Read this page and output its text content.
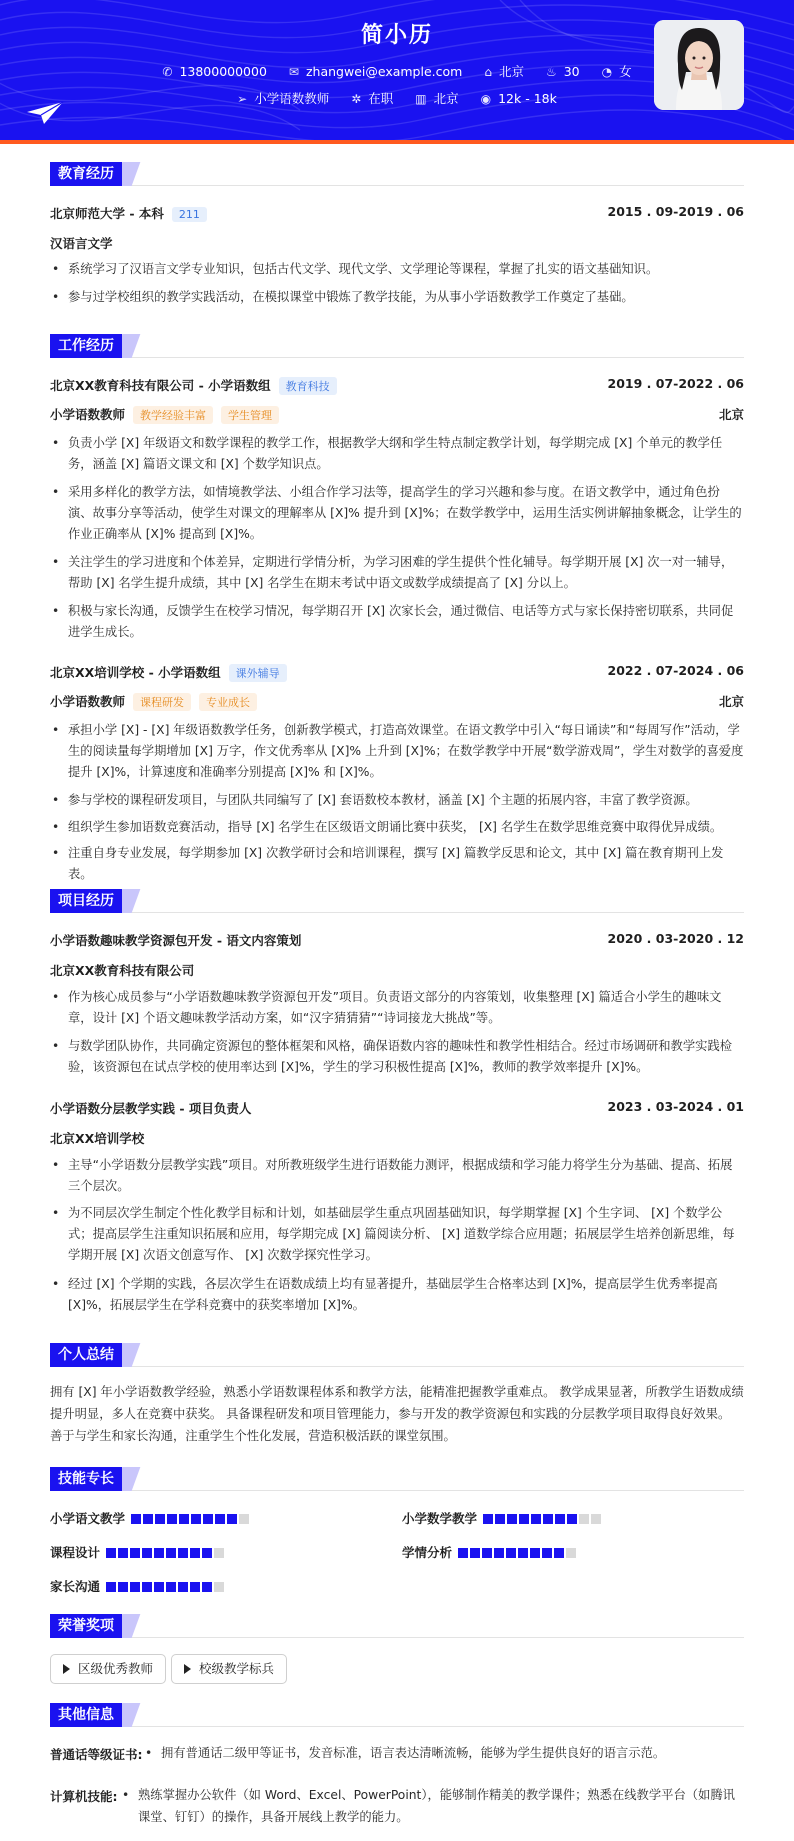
简小历
✆ 13800000000 ✉ zhangwei@example.com ⌂ 北京 ♨ 30 ◔ 女
➢ 小学语数教师 ✲ 在职 ▥ 北京 ◉ 12k - 18k
教育经历
北京师范大学 - 本科 211	2015 . 09-2019 . 06
汉语言文学
• 系统学习了汉语言文学专业知识，包括古代文学、现代文学、文学理论等课程，掌握了扎实的语文基础知识。
• 参与过学校组织的教学实践活动，在模拟课堂中锻炼了教学技能，为从事小学语数教学工作奠定了基础。
工作经历
北京XX教育科技有限公司 - 小学语数组 教育科技	2019 . 07-2022 . 06
小学语数教师 教学经验丰富 学生管理	北京
• 负责小学 [X] 年级语文和数学课程的教学工作，根据教学大纲和学生特点制定教学计划，每学期完成 [X] 个单元的教学任务，涵盖 [X] 篇语文课文和 [X] 个数学知识点。
• 采用多样化的教学方法，如情境教学法、小组合作学习法等，提高学生的学习兴趣和参与度。在语文教学中，通过角色扮演、故事分享等活动，使学生对课文的理解率从 [X]% 提升到 [X]%；在数学教学中，运用生活实例讲解抽象概念，让学生的作业正确率从 [X]% 提高到 [X]%。
• 关注学生的学习进度和个体差异，定期进行学情分析，为学习困难的学生提供个性化辅导。每学期开展 [X] 次一对一辅导，帮助 [X] 名学生提升成绩，其中 [X] 名学生在期末考试中语文或数学成绩提高了 [X] 分以上。
• 积极与家长沟通，反馈学生在校学习情况，每学期召开 [X] 次家长会，通过微信、电话等方式与家长保持密切联系，共同促进学生成长。
北京XX培训学校 - 小学语数组 课外辅导	2022 . 07-2024 . 06
小学语数教师 课程研发 专业成长	北京
• 承担小学 [X] - [X] 年级语数教学任务，创新教学模式，打造高效课堂。在语文教学中引入“每日诵读”和“每周写作”活动，学生的阅读量每学期增加 [X] 万字，作文优秀率从 [X]% 上升到 [X]%；在数学教学中开展“数学游戏周”，学生对数学的喜爱度提升 [X]%，计算速度和准确率分别提高 [X]% 和 [X]%。
• 参与学校的课程研发项目，与团队共同编写了 [X] 套语数校本教材，涵盖 [X] 个主题的拓展内容，丰富了教学资源。
• 组织学生参加语数竞赛活动，指导 [X] 名学生在区级语文朗诵比赛中获奖， [X] 名学生在数学思维竞赛中取得优异成绩。
• 注重自身专业发展，每学期参加 [X] 次教学研讨会和培训课程，撰写 [X] 篇教学反思和论文，其中 [X] 篇在教育期刊上发表。
项目经历
小学语数趣味教学资源包开发 - 语文内容策划	2020 . 03-2020 . 12
北京XX教育科技有限公司
• 作为核心成员参与“小学语数趣味教学资源包开发”项目。负责语文部分的内容策划，收集整理 [X] 篇适合小学生的趣味文章，设计 [X] 个语文趣味教学活动方案，如“汉字猜猜猜”“诗词接龙大挑战”等。
• 与数学团队协作，共同确定资源包的整体框架和风格，确保语数内容的趣味性和教学性相结合。经过市场调研和教学实践检验，该资源包在试点学校的使用率达到 [X]%，学生的学习积极性提高 [X]%，教师的教学效率提升 [X]%。
小学语数分层教学实践 - 项目负责人	2023 . 03-2024 . 01
北京XX培训学校
• 主导“小学语数分层教学实践”项目。对所教班级学生进行语数能力测评，根据成绩和学习能力将学生分为基础、提高、拓展三个层次。
• 为不同层次学生制定个性化教学目标和计划，如基础层学生重点巩固基础知识，每学期掌握 [X] 个生字词、 [X] 个数学公式；提高层学生注重知识拓展和应用，每学期完成 [X] 篇阅读分析、 [X] 道数学综合应用题；拓展层学生培养创新思维，每学期开展 [X] 次语文创意写作、 [X] 次数学探究性学习。
• 经过 [X] 个学期的实践，各层次学生在语数成绩上均有显著提升，基础层学生合格率达到 [X]%，提高层学生优秀率提高 [X]%，拓展层学生在学科竞赛中的获奖率增加 [X]%。
个人总结
拥有 [X] 年小学语数教学经验，熟悉小学语数课程体系和教学方法，能精准把握教学重难点。 教学成果显著，所教学生语数成绩提升明显，多人在竞赛中获奖。 具备课程研发和项目管理能力，参与开发的教学资源包和实践的分层教学项目取得良好效果。 善于与学生和家长沟通，注重学生个性化发展，营造积极活跃的课堂氛围。
技能专长
小学语文教学	小学数学教学
课程设计	学情分析
家长沟通
荣誉奖项
区级优秀教师	校级教学标兵
其他信息
普通话等级证书:	• 拥有普通话二级甲等证书，发音标准，语言表达清晰流畅，能够为学生提供良好的语言示范。
计算机技能:	• 熟练掌握办公软件（如 Word、Excel、PowerPoint），能够制作精美的教学课件；熟悉在线教学平台（如腾讯课堂、钉钉）的操作，具备开展线上教学的能力。
